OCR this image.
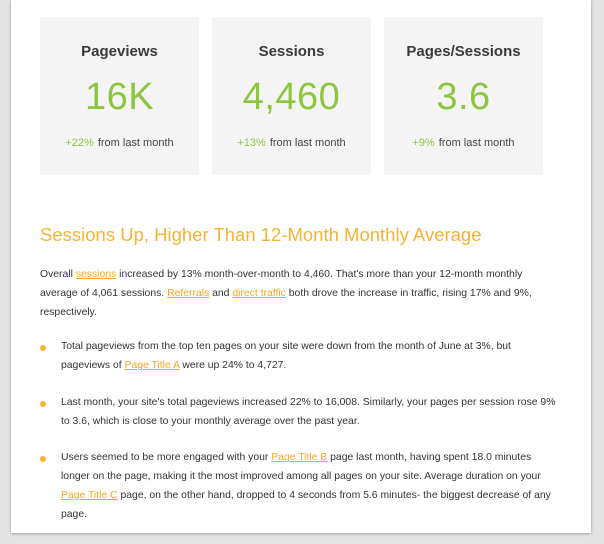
Pageviews
16K
+22% from last month
Sessions
4,460
+13% from last month
Pages/Sessions
3.6
+9% from last month
Sessions Up, Higher Than 12-Month Monthly Average
Overall sessions increased by 13% month-over-month to 4,460. That's more than your 12-month monthly average of 4,061 sessions. Referrals and direct traffic both drove the increase in traffic, rising 17% and 9%, respectively.
Total pageviews from the top ten pages on your site were down from the month of June at 3%, but pageviews of Page Title A were up 24% to 4,727.
Last month, your site's total pageviews increased 22% to 16,008. Similarly, your pages per session rose 9% to 3.6, which is close to your monthly average over the past year.
Users seemed to be more engaged with your Page Title B page last month, having spent 18.0 minutes longer on the page, making it the most improved among all pages on your site. Average duration on your Page Title C page, on the other hand, dropped to 4 seconds from 5.6 minutes- the biggest decrease of any page.
